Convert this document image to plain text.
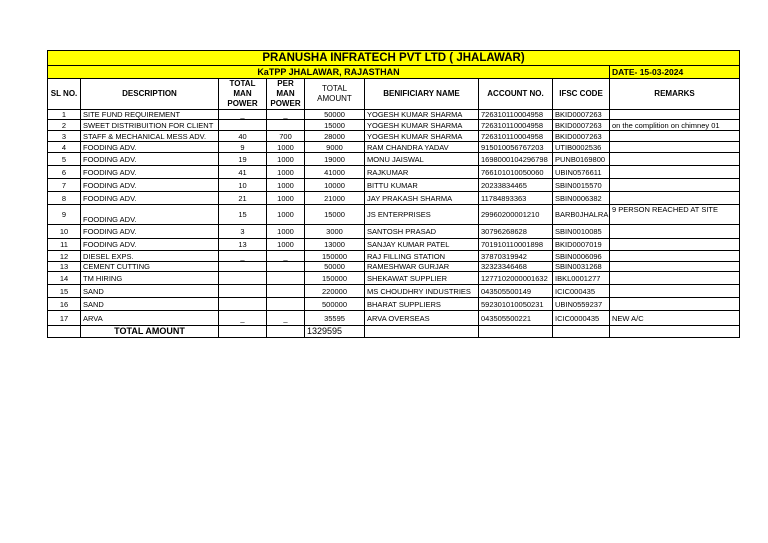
PRANUSHA INFRATECH PVT LTD ( JHALAWAR)								
KaTPP JHALAWAR, RAJASTHAN								DATE- 15-03-2024
SL NO.	DESCRIPTION	TOTAL MAN POWER	PER MAN POWER	TOTAL AMOUNT	BENIFICIARY NAME	ACCOUNT NO.	IFSC CODE	REMARKS
1	SITE FUND REQUIREMENT	_	_	50000	YOGESH KUMAR SHARMA	726310110004958	BKID0007263	
2	SWEET DISTRIBUITION FOR CLIENT			15000	YOGESH KUMAR SHARMA	726310110004958	BKID0007263	on the complition on chimney 01
3	STAFF & MECHANICAL MESS ADV.	40	700	28000	YOGESH KUMAR SHARMA	726310110004958	BKID0007263	
4	FOODING ADV.	9	1000	9000	RAM CHANDRA YADAV	915010056767203	UTIB0002536	
5	FOODING ADV.	19	1000	19000	MONU JAISWAL	1698000104296798	PUNB0169800	
6	FOODING ADV.	41	1000	41000	RAJKUMAR	766101010050060	UBIN0576611	
7	FOODING ADV.	10	1000	10000	BITTU KUMAR	20233834465	SBIN0015570	
8	FOODING ADV.	21	1000	21000	JAY PRAKASH SHARMA	11784893363	SBIN0006382	
9	FOODING ADV.	15	1000	15000	JS ENTERPRISES	29960200001210	BARB0JHALRA	9 PERSON REACHED AT SITE
10	FOODING ADV.	3	1000	3000	SANTOSH PRASAD	30796268628	SBIN0010085	
11	FOODING ADV.	13	1000	13000	SANJAY KUMAR PATEL	701910110001898	BKID0007019	
12	DIESEL EXPS.	_	_	150000	RAJ FILLING STATION	37870319942	SBIN0006096	
13	CEMENT CUTTING			50000	RAMESHWAR GURJAR	32323346468	SBIN0031268	
14	TM HIRING			150000	SHEKAWAT SUPPLIER	1277102000001632	IBKL0001277	
15	SAND			220000	MS CHOUDHRY INDUSTRIES	043505500149	ICIC000435	
16	SAND			500000	BHARAT SUPPLIERS	592301010050231	UBIN0559237	
17	ARVA	_	_	35595	ARVA OVERSEAS	043505500221	ICIC0000435	NEW A/C
	TOTAL AMOUNT			1329595				
